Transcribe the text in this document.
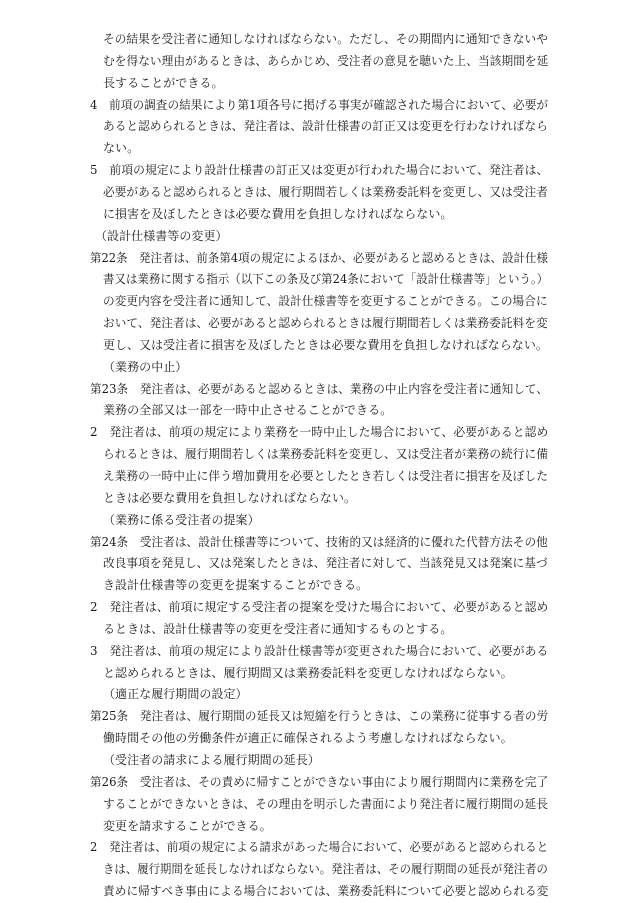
その結果を受注者に通知しなければならない。ただし、その期間内に通知できないや
むを得ない理由があるときは、あらかじめ、受注者の意見を聴いた上、当該期間を延
長することができる。
4　前項の調査の結果により第1項各号に掲げる事実が確認された場合において、必要が
あると認められるときは、発注者は、設計仕様書の訂正又は変更を行わなければなら
ない。
5　前項の規定により設計仕様書の訂正又は変更が行われた場合において、発注者は、
必要があると認められるときは、履行期間若しくは業務委託料を変更し、又は受注者
に損害を及ぼしたときは必要な費用を負担しなければならない。
（設計仕様書等の変更）
第22条　発注者は、前条第4項の規定によるほか、必要があると認めるときは、設計仕様
書又は業務に関する指示（以下この条及び第24条において「設計仕様書等」という。）
の変更内容を受注者に通知して、設計仕様書等を変更することができる。この場合に
おいて、発注者は、必要があると認められるときは履行期間若しくは業務委託料を変
更し、又は受注者に損害を及ぼしたときは必要な費用を負担しなければならない。
（業務の中止）
第23条　発注者は、必要があると認めるときは、業務の中止内容を受注者に通知して、
業務の全部又は一部を一時中止させることができる。
2　発注者は、前項の規定により業務を一時中止した場合において、必要があると認め
られるときは、履行期間若しくは業務委託料を変更し、又は受注者が業務の続行に備
え業務の一時中止に伴う増加費用を必要としたとき若しくは受注者に損害を及ぼした
ときは必要な費用を負担しなければならない。
（業務に係る受注者の提案）
第24条　受注者は、設計仕様書等について、技術的又は経済的に優れた代替方法その他
改良事項を発見し、又は発案したときは、発注者に対して、当該発見又は発案に基づ
き設計仕様書等の変更を提案することができる。
2　発注者は、前項に規定する受注者の提案を受けた場合において、必要があると認め
るときは、設計仕様書等の変更を受注者に通知するものとする。
3　発注者は、前項の規定により設計仕様書等が変更された場合において、必要がある
と認められるときは、履行期間又は業務委託料を変更しなければならない。
（適正な履行期間の設定）
第25条　発注者は、履行期間の延長又は短縮を行うときは、この業務に従事する者の労
働時間その他の労働条件が適正に確保されるよう考慮しなければならない。
（受注者の請求による履行期間の延長）
第26条　受注者は、その責めに帰すことができない事由により履行期間内に業務を完了
することができないときは、その理由を明示した書面により発注者に履行期間の延長
変更を請求することができる。
2　発注者は、前項の規定による請求があった場合において、必要があると認められると
きは、履行期間を延長しなければならない。発注者は、その履行期間の延長が発注者の
責めに帰すべき事由による場合においては、業務委託料について必要と認められる変
